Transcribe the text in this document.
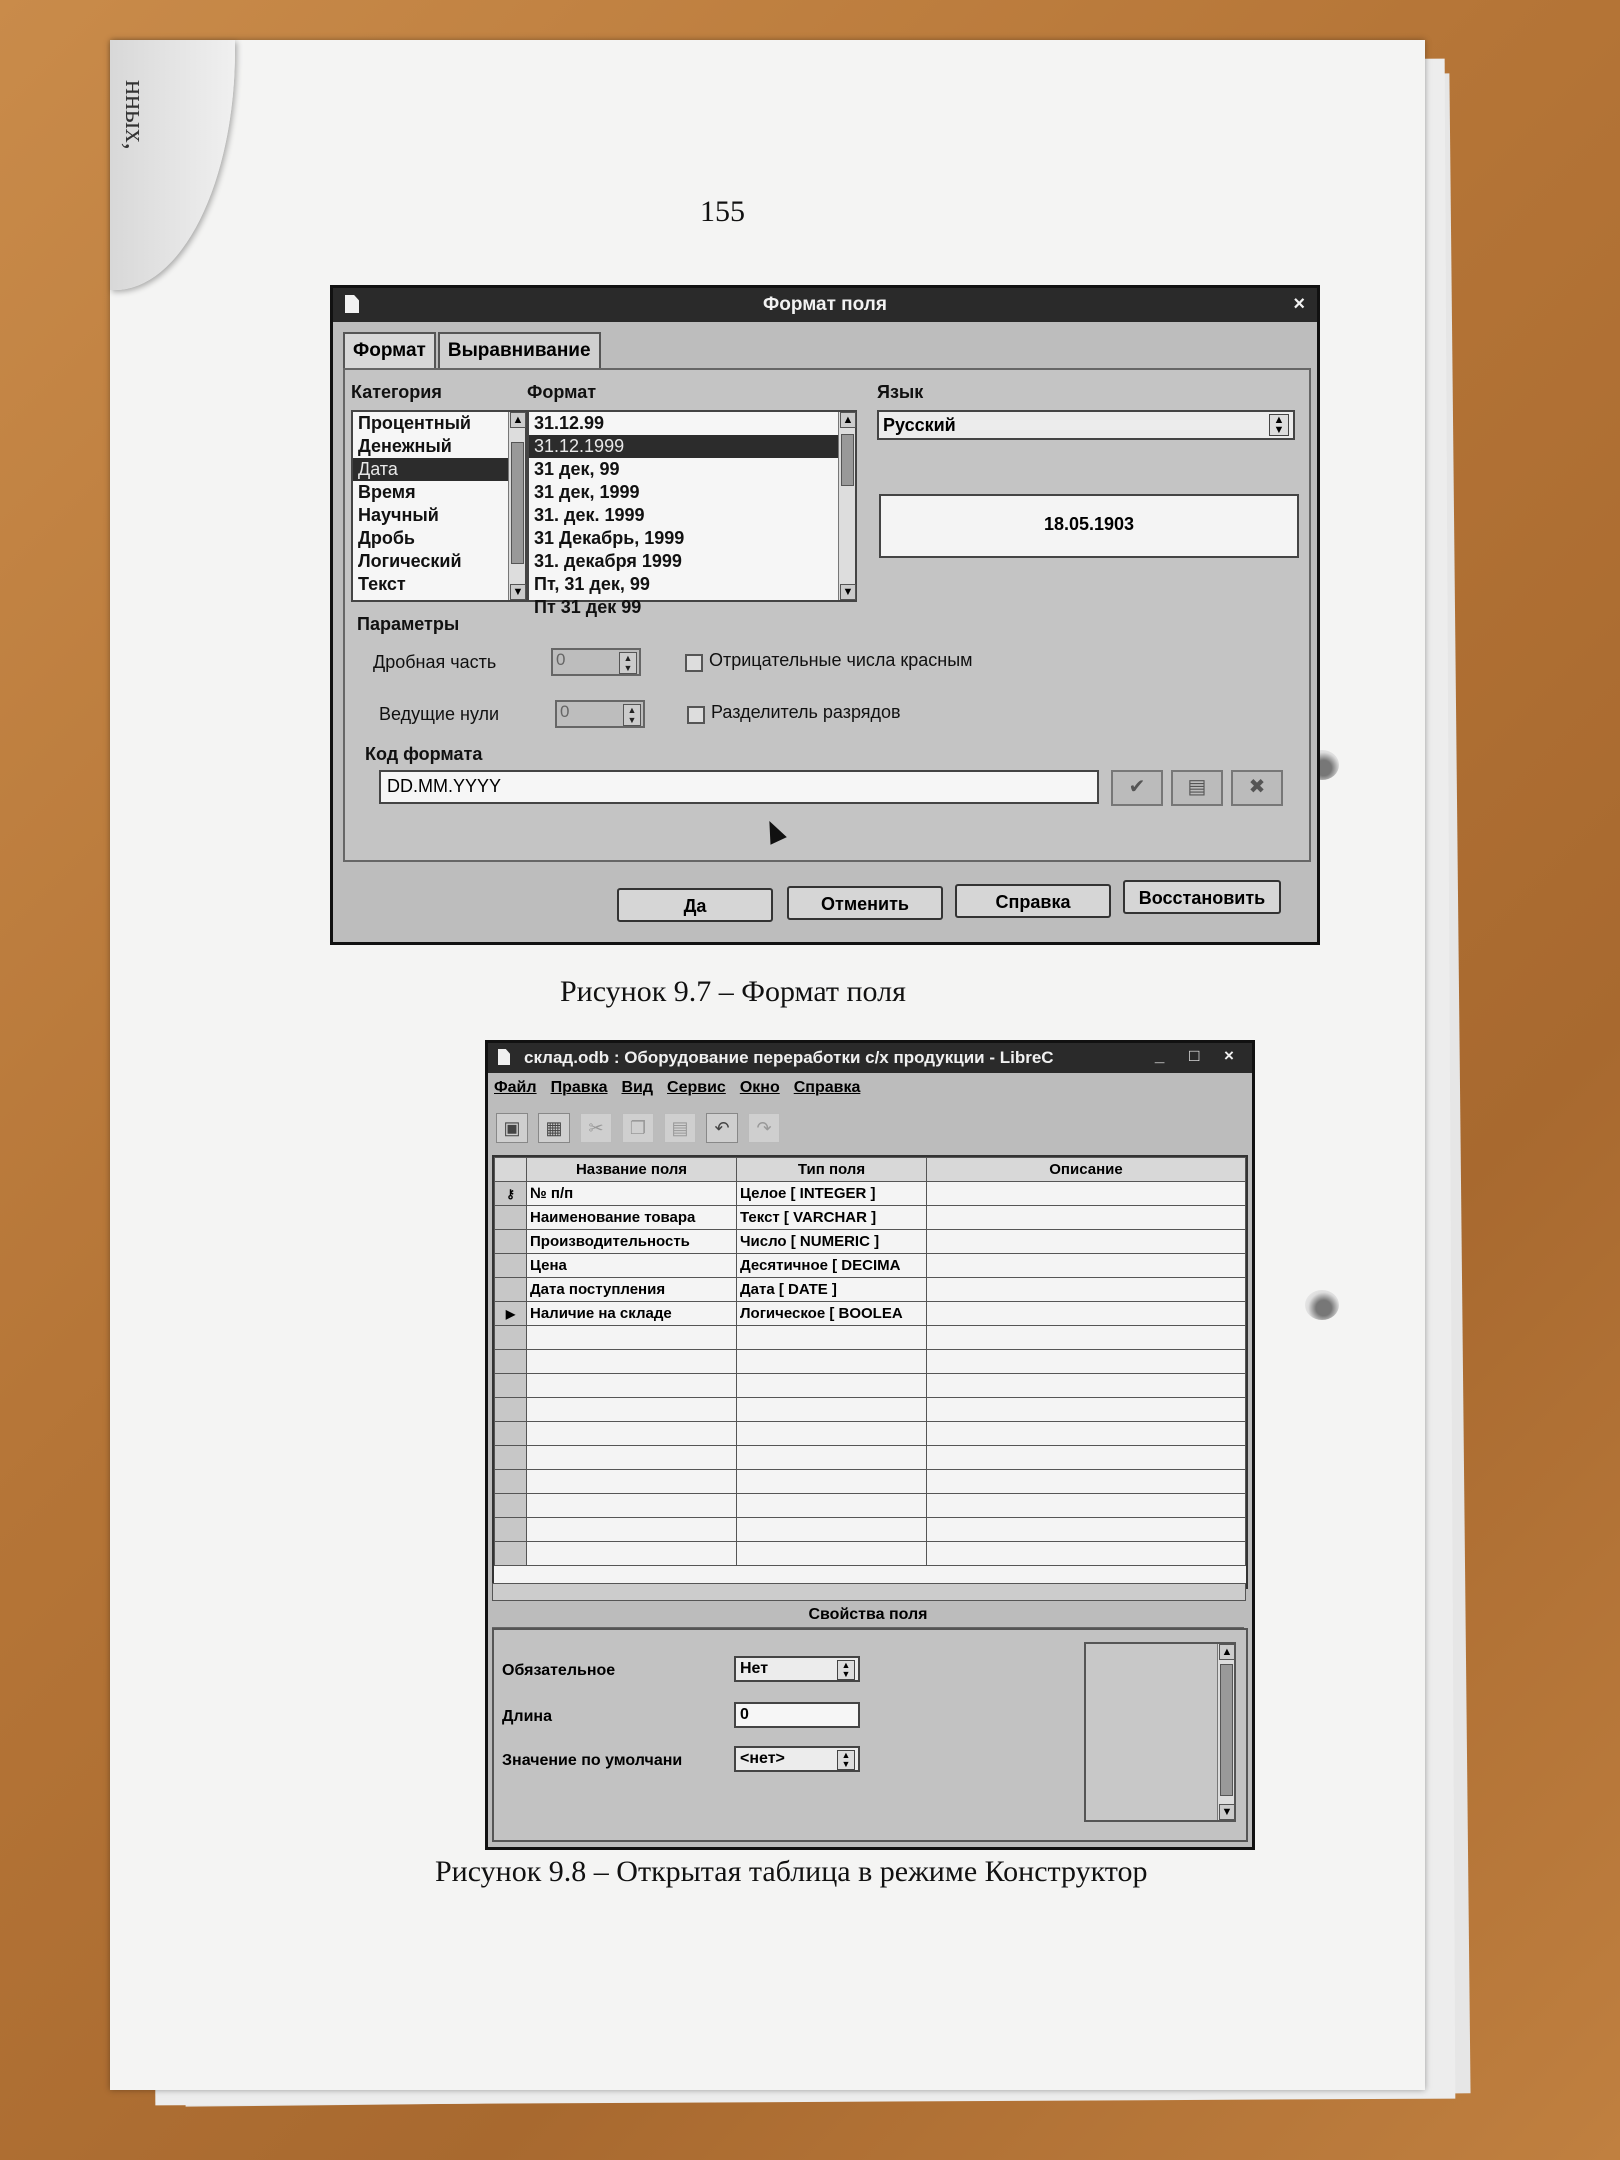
нных,
155
Формат поля	×
Формат	Выравнивание
Категория	Формат	Язык
Процентный
Денежный
Дата
Время
Научный
Дробь
Логический
Текст
▲
▼
31.12.99
31.12.1999
31 дек, 99
31 дек, 1999
31. дек. 1999
31 Декабрь, 1999
31. декабря 1999
Пт, 31 дек, 99
Пт 31 дек 99
▲
▼
Русский	▲
▼
18.05.1903
Параметры
Дробная часть	0	▲
▼	Отрицательные числа красным
Ведущие нули	0	▲
▼	Разделитель разрядов
Код формата
DD.MM.YYYY	✔	▤	✖
Да	Отменить	Справка	Восстановить
Рисунок 9.7 – Формат поля
склад.odb : Оборудование переработки с/х продукции - LibreC	_ □ ×
Файл Правка Вид Сервис Окно Справка
▣	▦	✂	❐	▤	↶	↷
	Название поля	Тип поля	Описание
⚷	№ п/п	Целое [ INTEGER ]	
	Наименование товара	Текст [ VARCHAR ]	
	Производительность	Число [ NUMERIC ]	
	Цена	Десятичное [ DECIMA	
	Дата поступления	Дата [ DATE ]	
▶	Наличие на складе	Логическое [ BOOLEA	

Свойства поля
Обязательное	Нет	▲
▼
Длина	0
Значение по умолчани	<нет>	▲
▼
▲
▼
Рисунок 9.8 – Открытая таблица в режиме Конструктор
